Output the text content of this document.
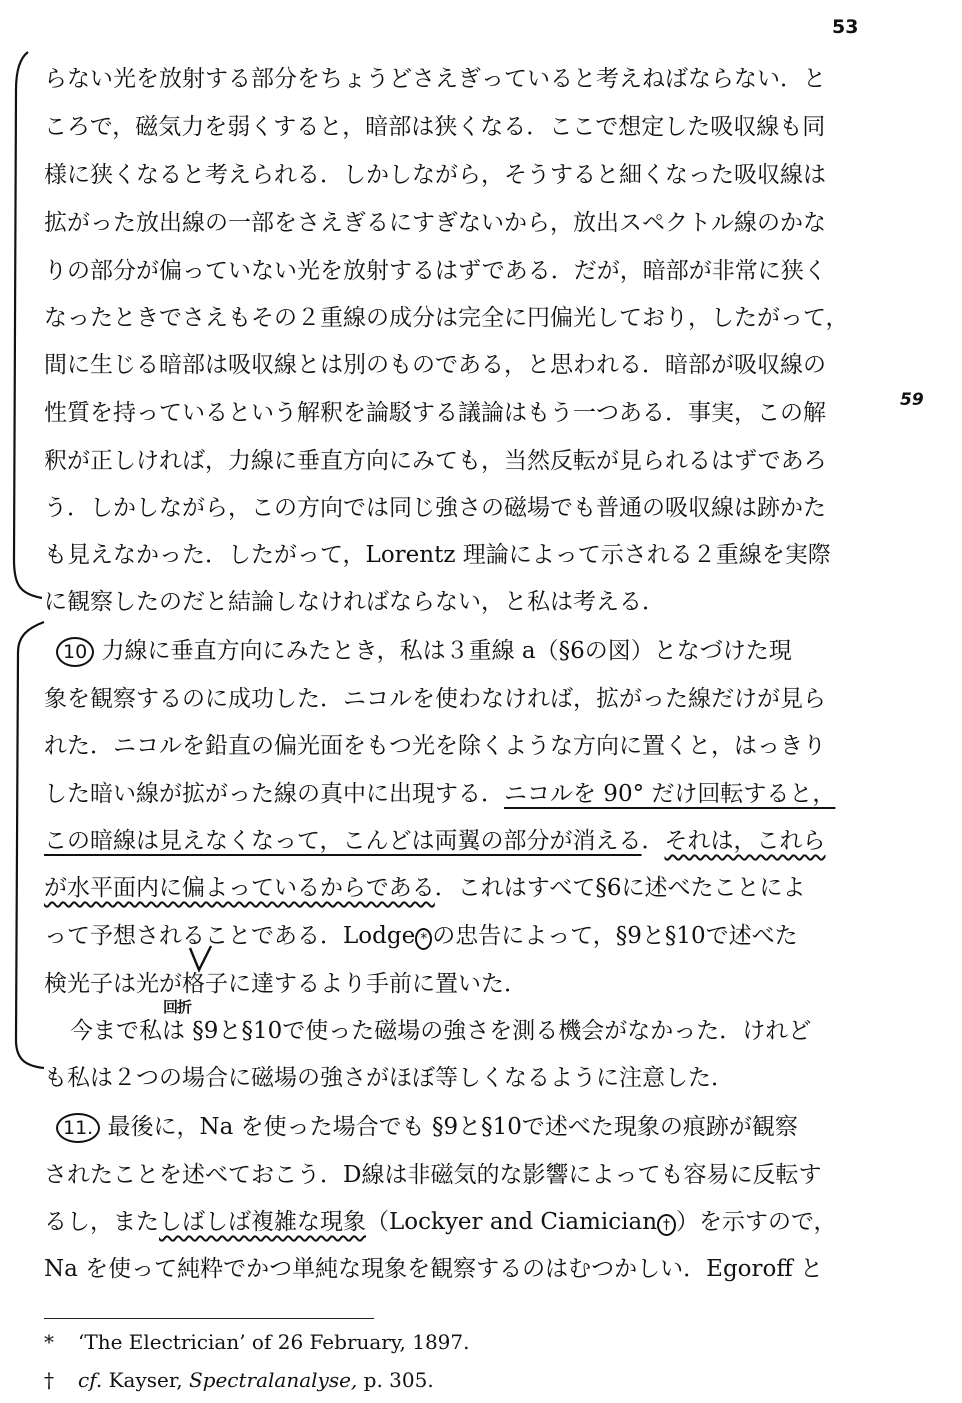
53
59
らない光を放射する部分をちょうどさえぎっていると考えねばならない．と
ころで，磁気力を弱くすると，暗部は狭くなる．ここで想定した吸収線も同
様に狭くなると考えられる．しかしながら，そうすると細くなった吸収線は
拡がった放出線の一部をさえぎるにすぎないから，放出スペクトル線のかな
りの部分が偏っていない光を放射するはずである．だが，暗部が非常に狭く
なったときでさえもその２重線の成分は完全に円偏光しており，したがって，
間に生じる暗部は吸収線とは別のものである，と思われる．暗部が吸収線の
性質を持っているという解釈を論駁する議論はもう一つある．事実，この解
釈が正しければ，力線に垂直方向にみても，当然反転が見られるはずであろ
う．しかしながら，この方向では同じ強さの磁場でも普通の吸収線は跡かた
も見えなかった．したがって，Lorentz 理論によって示される２重線を実際
に観察したのだと結論しなければならない，と私は考える．
10 力線に垂直方向にみたとき，私は３重線 a（§6の図）となづけた現
象を観察するのに成功した．ニコルを使わなければ，拡がった線だけが見ら
れた．ニコルを鉛直の偏光面をもつ光を除くような方向に置くと，はっきり
した暗い線が拡がった線の真中に出現する．ニコルを 90° だけ回転すると，
この暗線は見えなくなって，こんどは両翼の部分が消える．それは，これら
が水平面内に偏よっているからである．これはすべて§6に述べたことによ
って予想されることである．Lodge * の忠告によって，§9と§10で述べた
検光子は光が格子に達するより手前に置いた．
今まで私は §9と§10で使った磁場の強さを測る機会がなかった．けれど
も私は２つの場合に磁場の強さがほぼ等しくなるように注意した．
回折
11. 最後に，Na を使った場合でも §9と§10で述べた現象の痕跡が観察
されたことを述べておこう．D線は非磁気的な影響によっても容易に反転す
るし，またしばしば複雑な現象（Lockyer and Ciamician † ）を示すので，
Na を使って純粋でかつ単純な現象を観察するのはむつかしい．Egoroff と
* ‘The Electrician’ of 26 February, 1897.
† cf. Kayser, Spectralanalyse, p. 305.
